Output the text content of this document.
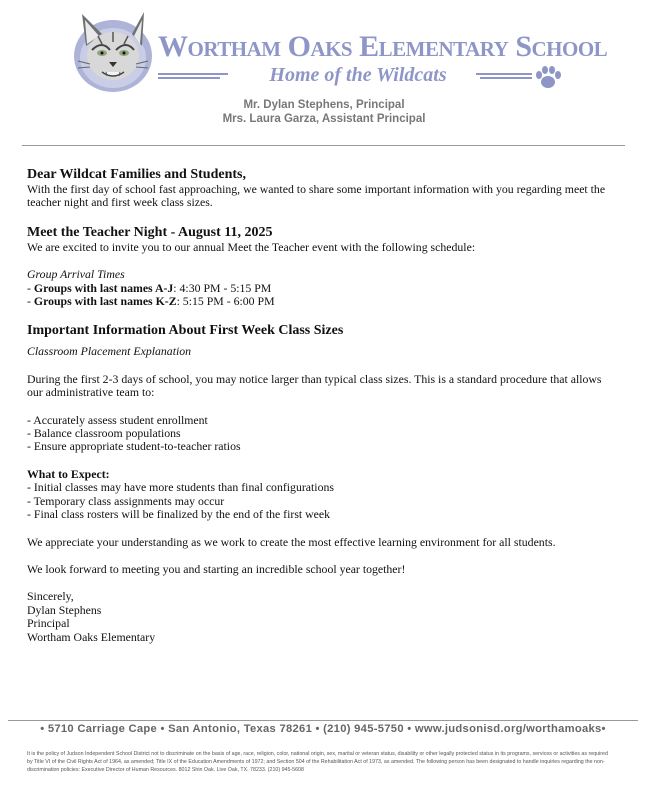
Wortham Oaks Elementary School
Home of the Wildcats
Mr. Dylan Stephens, Principal
Mrs. Laura Garza, Assistant Principal

Dear Wildcat Families and Students,

With the first day of school fast approaching, we wanted to share some important information with you regarding meet the teacher night and first week class sizes.

Meet the Teacher Night - August 11, 2025

We are excited to invite you to our annual Meet the Teacher event with the following schedule:

Group Arrival Times

- Groups with last names A-J: 4:30 PM - 5:15 PM

- Groups with last names K-Z: 5:15 PM - 6:00 PM

Important Information About First Week Class Sizes

Classroom Placement Explanation

During the first 2-3 days of school, you may notice larger than typical class sizes. This is a standard procedure that allows our administrative team to:

- Accurately assess student enrollment

- Balance classroom populations

- Ensure appropriate student-to-teacher ratios

What to Expect:

- Initial classes may have more students than final configurations

- Temporary class assignments may occur

- Final class rosters will be finalized by the end of the first week

We appreciate your understanding as we work to create the most effective learning environment for all students.

We look forward to meeting you and starting an incredible school year together!

Sincerely,

Dylan Stephens

Principal

Wortham Oaks Elementary

• 5710 Carriage Cape • San Antonio, Texas 78261 • (210) 945-5750 • www.judsonisd.org/worthamoaks•
It is the policy of Judson Independent School District not to discriminate on the basis of age, race, religion, color, national origin, sex, marital or veteran status, disability or other legally protected status in its programs, services or activities as required by Title VI of the Civil Rights Act of 1964, as amended; Title IX of the Education Amendments of 1972; and Section 504 of the Rehabilitation Act of 1973, as amended. The following person has been designated to handle inquiries regarding the non-discrimination policies: Executive Director of Human Resources. 8012 Shin Oak. Live Oak, TX. 78233. (210) 945-5608
